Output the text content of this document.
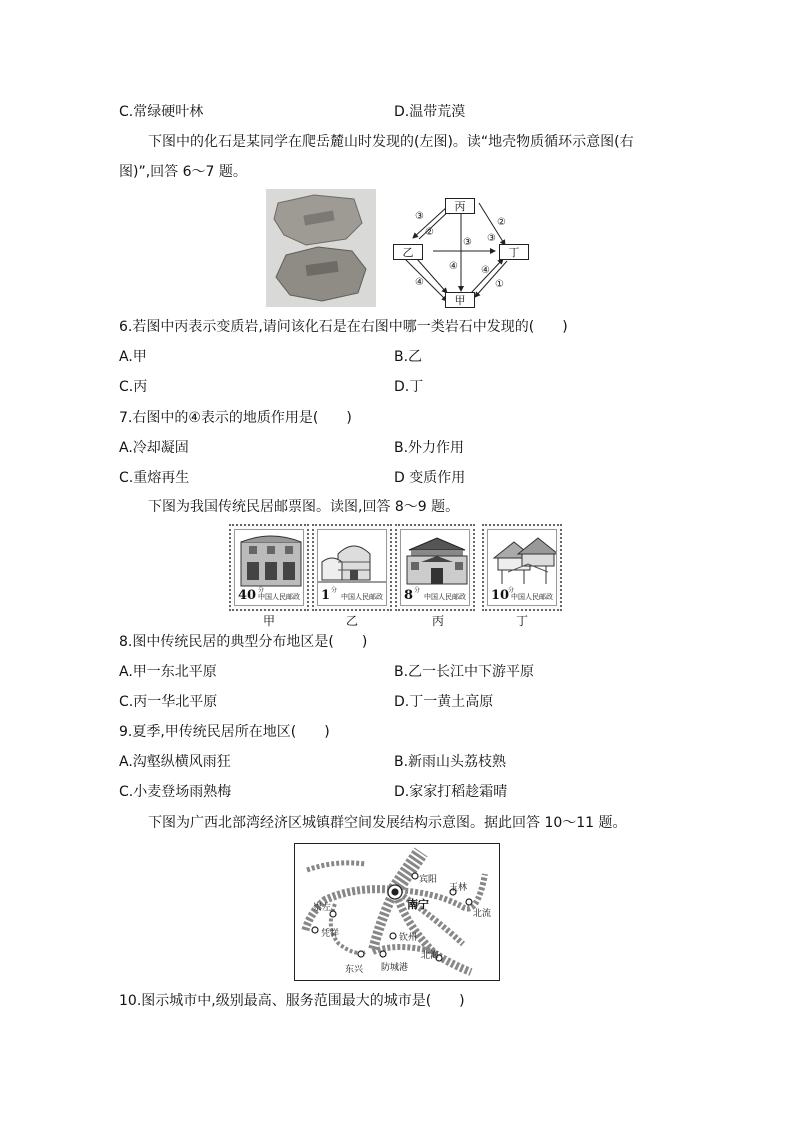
C.常绿硬叶林	D.温带荒漠
下图中的化石是某同学在爬岳麓山时发现的(左图)。读“地壳物质循环示意图(右
图)”,回答 6～7 题。
丙
乙	丁
甲
③
②
②
③
③
④ ④
④	①
6.若图中丙表示变质岩,请问该化石是在右图中哪一类岩石中发现的(　　)
A.甲	B.乙
C.丙	D.丁
7.右图中的④表示的地质作用是(　　)
A.冷却凝固	B.外力作用
C.重熔再生	D 变质作用
下图为我国传统民居邮票图。读图,回答 8～9 题。
40 分
中国人民邮政 1 分
中国人民邮政 8 分
中国人民邮政 10
分
中国人民邮政
甲	乙	丙	丁
8.图中传统民居的典型分布地区是(　　)
A.甲一东北平原	B.乙一长江中下游平原
C.丙一华北平原	D.丁一黄土高原
9.夏季,甲传统民居所在地区(　　)
A.沟壑纵横风雨狂	B.新雨山头荔枝熟
C.小麦登场雨熟梅	D.家家打稻趁霜晴
下图为广西北部湾经济区城镇群空间发展结构示意图。据此回答 10～11 题。
南宁
宾阳
玉林
崇左
北流
凭祥	钦州
北海
东兴 防城港
10.图示城市中,级别最高、服务范围最大的城市是(　　)
